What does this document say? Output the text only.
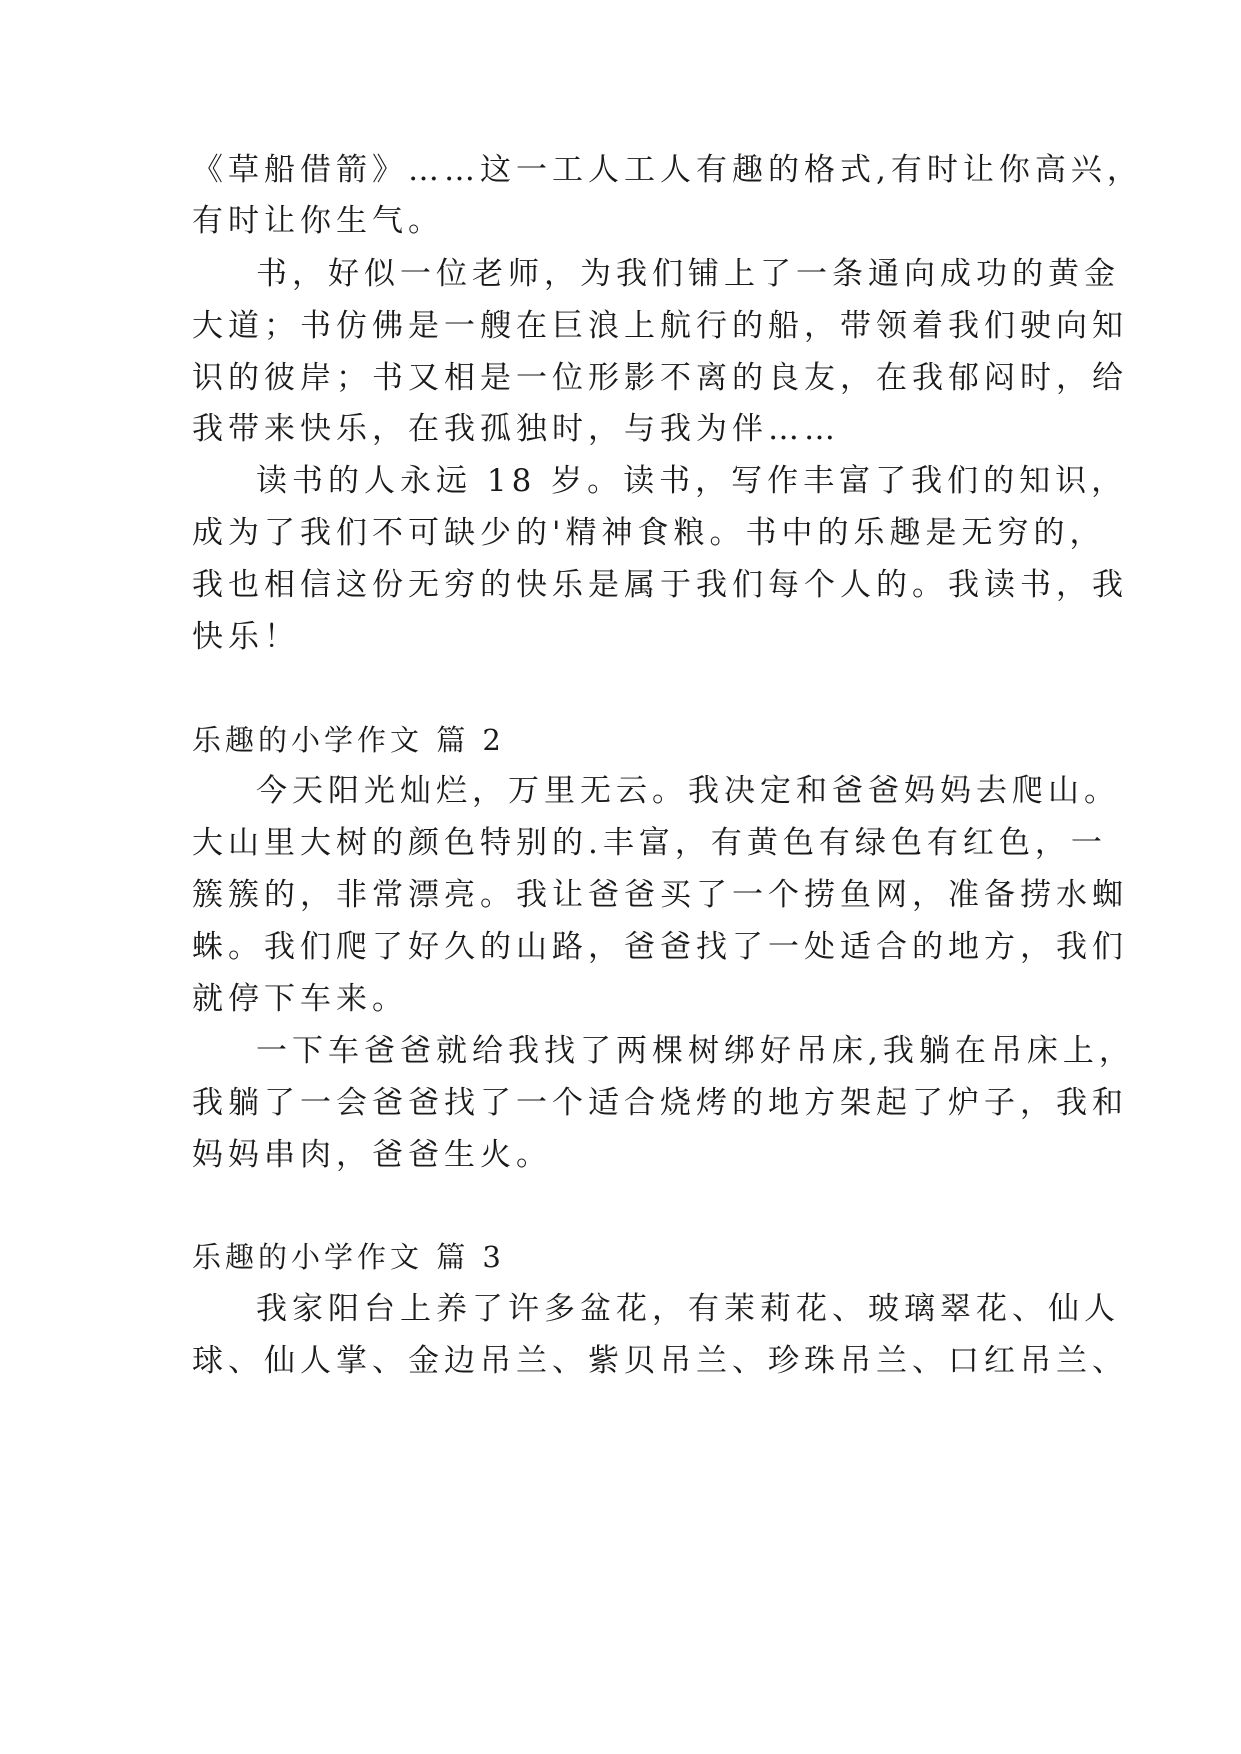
《草船借箭》……这一工人工人有趣的格式,有时让你高兴，

有时让你生气。

书，好似一位老师，为我们铺上了一条通向成功的黄金

大道；书仿佛是一艘在巨浪上航行的船，带领着我们驶向知

识的彼岸；书又相是一位形影不离的良友，在我郁闷时，给

我带来快乐，在我孤独时，与我为伴……

读书的人永远 18 岁。读书，写作丰富了我们的知识，

成为了我们不可缺少的'精神食粮。书中的乐趣是无穷的，

我也相信这份无穷的快乐是属于我们每个人的。我读书，我

快乐！

乐趣的小学作文 篇 2

今天阳光灿烂，万里无云。我决定和爸爸妈妈去爬山。

大山里大树的颜色特别的.丰富，有黄色有绿色有红色，一

簇簇的，非常漂亮。我让爸爸买了一个捞鱼网，准备捞水蜘

蛛。我们爬了好久的山路，爸爸找了一处适合的地方，我们

就停下车来。

一下车爸爸就给我找了两棵树绑好吊床,我躺在吊床上，

我躺了一会爸爸找了一个适合烧烤的地方架起了炉子，我和

妈妈串肉，爸爸生火。

乐趣的小学作文 篇 3

我家阳台上养了许多盆花，有茉莉花、玻璃翠花、仙人

球、仙人掌、金边吊兰、紫贝吊兰、珍珠吊兰、口红吊兰、
